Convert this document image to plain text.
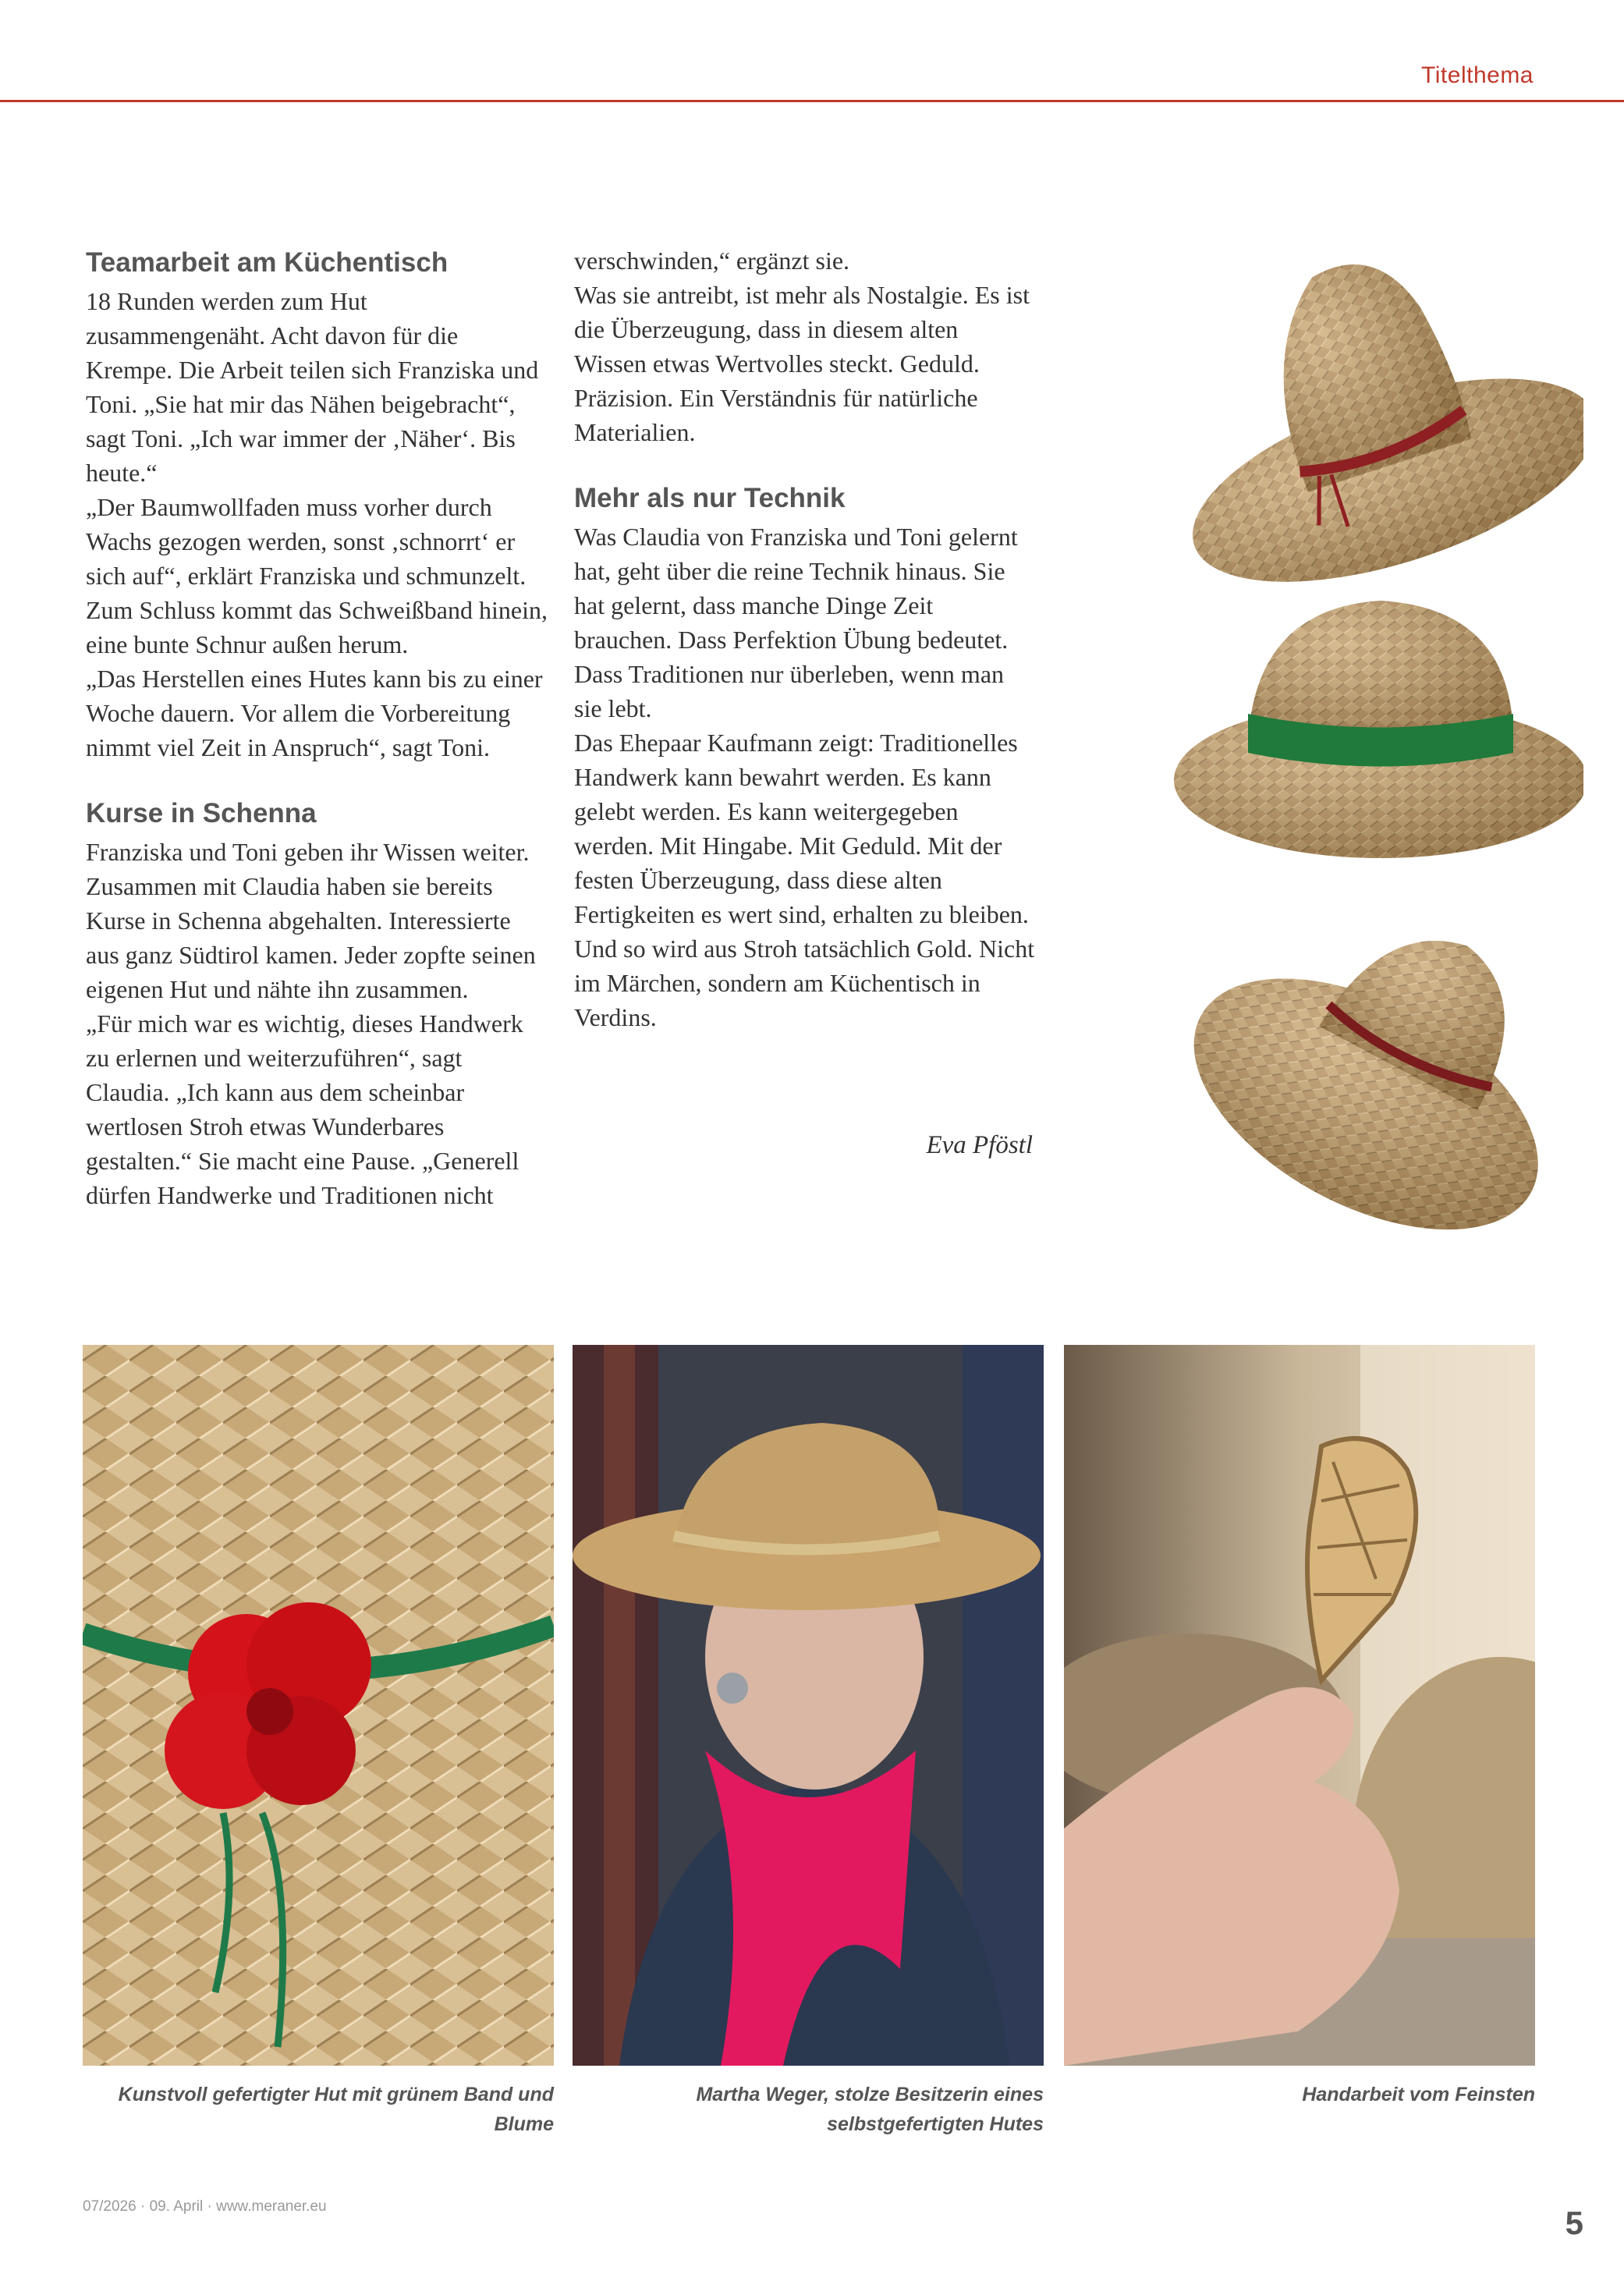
Titelthema
Teamarbeit am Küchentisch

18 Runden werden zum Hut zusammengenäht. Acht davon für die Krempe. Die Arbeit teilen sich Franziska und Toni. „Sie hat mir das Nähen beigebracht“, sagt Toni. „Ich war immer der ‚Näher‘. Bis heute.“

„Der Baumwollfaden muss vorher durch Wachs gezogen werden, sonst ‚schnorrt‘ er sich auf“, erklärt Franziska und schmunzelt. Zum Schluss kommt das Schweißband hinein, eine bunte Schnur außen herum.

„Das Herstellen eines Hutes kann bis zu einer Woche dauern. Vor allem die Vorbereitung nimmt viel Zeit in Anspruch“, sagt Toni.

Kurse in Schenna

Franziska und Toni geben ihr Wissen weiter. Zusammen mit Claudia haben sie bereits Kurse in Schenna abgehalten. Interessierte aus ganz Südtirol kamen. Jeder zopfte seinen eigenen Hut und nähte ihn zusammen.

„Für mich war es wichtig, dieses Handwerk zu erlernen und weiterzuführen“, sagt Claudia. „Ich kann aus dem scheinbar wertlosen Stroh etwas Wunderbares gestalten.“ Sie macht eine Pause. „Generell dürfen Handwerke und Traditionen nicht

verschwinden,“ ergänzt sie.

Was sie antreibt, ist mehr als Nostalgie. Es ist die Überzeugung, dass in diesem alten Wissen etwas Wertvolles steckt. Geduld. Präzision. Ein Verständnis für natürliche Materialien.

Mehr als nur Technik

Was Claudia von Franziska und Toni gelernt hat, geht über die reine Technik hinaus. Sie hat gelernt, dass manche Dinge Zeit brauchen. Dass Perfektion Übung bedeutet. Dass Traditionen nur überleben, wenn man sie lebt.

Das Ehepaar Kaufmann zeigt: Traditionelles Handwerk kann bewahrt werden. Es kann gelebt werden. Es kann weitergegeben werden. Mit Hingabe. Mit Geduld. Mit der festen Überzeugung, dass diese alten Fertigkeiten es wert sind, erhalten zu bleiben.

Und so wird aus Stroh tatsächlich Gold. Nicht im Märchen, sondern am Küchentisch in Verdins.

Eva Pföstl
Kunstvoll gefertigter Hut mit grünem Band und Blume
Martha Weger, stolze Besitzerin eines selbstgefertigten Hutes
Handarbeit vom Feinsten
07/2026 · 09. April · www.meraner.eu	5
